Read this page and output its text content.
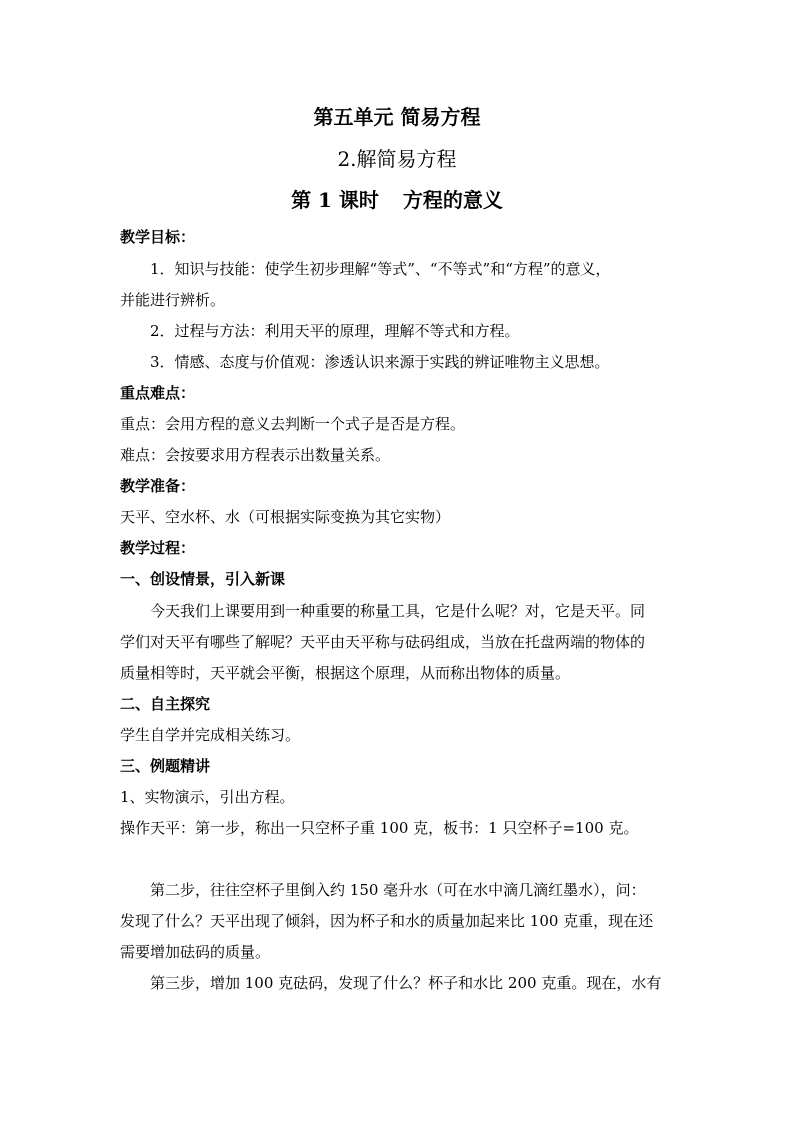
第五单元 简易方程
2.解简易方程
第 1 课时 方程的意义

教学目标：

1．知识与技能：使学生初步理解“等式”、“不等式”和“方程”的意义，

并能进行辨析。

2．过程与方法：利用天平的原理，理解不等式和方程。

3．情感、态度与价值观：渗透认识来源于实践的辨证唯物主义思想。

重点难点：

重点：会用方程的意义去判断一个式子是否是方程。

难点：会按要求用方程表示出数量关系。

教学准备：

天平、空水杯、水（可根据实际变换为其它实物）

教学过程：

一、创设情景，引入新课

今天我们上课要用到一种重要的称量工具，它是什么呢？对，它是天平。同

学们对天平有哪些了解呢？天平由天平称与砝码组成，当放在托盘两端的物体的

质量相等时，天平就会平衡，根据这个原理，从而称出物体的质量。

二、自主探究

学生自学并完成相关练习。

三、例题精讲

1、实物演示，引出方程。

操作天平：第一步，称出一只空杯子重 100 克，板书：1 只空杯子=100 克。

第二步，往往空杯子里倒入约 150 毫升水（可在水中滴几滴红墨水），问：

发现了什么？天平出现了倾斜，因为杯子和水的质量加起来比 100 克重，现在还

需要增加砝码的质量。

第三步，增加 100 克砝码，发现了什么？杯子和水比 200 克重。现在，水有
